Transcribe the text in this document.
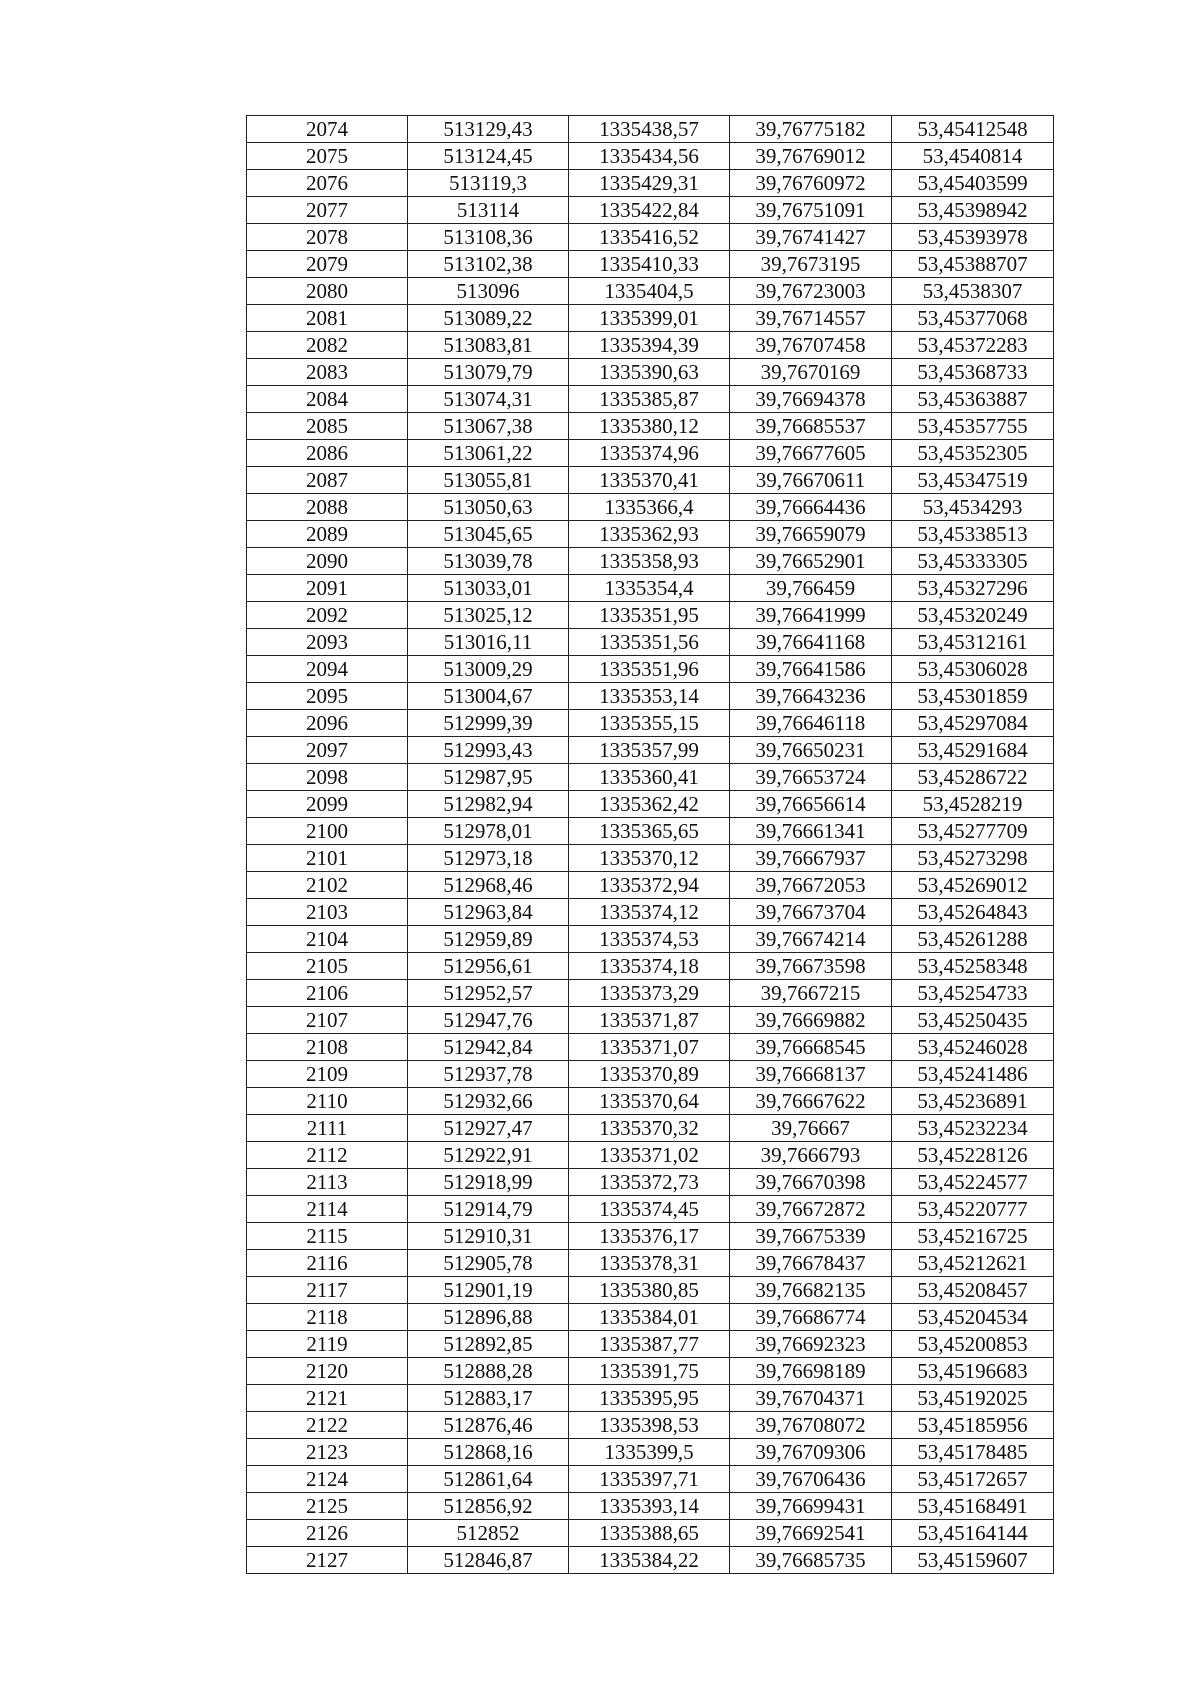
2074	513129,43	1335438,57	39,76775182	53,45412548
2075	513124,45	1335434,56	39,76769012	53,4540814
2076	513119,3	1335429,31	39,76760972	53,45403599
2077	513114	1335422,84	39,76751091	53,45398942
2078	513108,36	1335416,52	39,76741427	53,45393978
2079	513102,38	1335410,33	39,7673195	53,45388707
2080	513096	1335404,5	39,76723003	53,4538307
2081	513089,22	1335399,01	39,76714557	53,45377068
2082	513083,81	1335394,39	39,76707458	53,45372283
2083	513079,79	1335390,63	39,7670169	53,45368733
2084	513074,31	1335385,87	39,76694378	53,45363887
2085	513067,38	1335380,12	39,76685537	53,45357755
2086	513061,22	1335374,96	39,76677605	53,45352305
2087	513055,81	1335370,41	39,76670611	53,45347519
2088	513050,63	1335366,4	39,76664436	53,4534293
2089	513045,65	1335362,93	39,76659079	53,45338513
2090	513039,78	1335358,93	39,76652901	53,45333305
2091	513033,01	1335354,4	39,766459	53,45327296
2092	513025,12	1335351,95	39,76641999	53,45320249
2093	513016,11	1335351,56	39,76641168	53,45312161
2094	513009,29	1335351,96	39,76641586	53,45306028
2095	513004,67	1335353,14	39,76643236	53,45301859
2096	512999,39	1335355,15	39,76646118	53,45297084
2097	512993,43	1335357,99	39,76650231	53,45291684
2098	512987,95	1335360,41	39,76653724	53,45286722
2099	512982,94	1335362,42	39,76656614	53,4528219
2100	512978,01	1335365,65	39,76661341	53,45277709
2101	512973,18	1335370,12	39,76667937	53,45273298
2102	512968,46	1335372,94	39,76672053	53,45269012
2103	512963,84	1335374,12	39,76673704	53,45264843
2104	512959,89	1335374,53	39,76674214	53,45261288
2105	512956,61	1335374,18	39,76673598	53,45258348
2106	512952,57	1335373,29	39,7667215	53,45254733
2107	512947,76	1335371,87	39,76669882	53,45250435
2108	512942,84	1335371,07	39,76668545	53,45246028
2109	512937,78	1335370,89	39,76668137	53,45241486
2110	512932,66	1335370,64	39,76667622	53,45236891
2111	512927,47	1335370,32	39,76667	53,45232234
2112	512922,91	1335371,02	39,7666793	53,45228126
2113	512918,99	1335372,73	39,76670398	53,45224577
2114	512914,79	1335374,45	39,76672872	53,45220777
2115	512910,31	1335376,17	39,76675339	53,45216725
2116	512905,78	1335378,31	39,76678437	53,45212621
2117	512901,19	1335380,85	39,76682135	53,45208457
2118	512896,88	1335384,01	39,76686774	53,45204534
2119	512892,85	1335387,77	39,76692323	53,45200853
2120	512888,28	1335391,75	39,76698189	53,45196683
2121	512883,17	1335395,95	39,76704371	53,45192025
2122	512876,46	1335398,53	39,76708072	53,45185956
2123	512868,16	1335399,5	39,76709306	53,45178485
2124	512861,64	1335397,71	39,76706436	53,45172657
2125	512856,92	1335393,14	39,76699431	53,45168491
2126	512852	1335388,65	39,76692541	53,45164144
2127	512846,87	1335384,22	39,76685735	53,45159607
